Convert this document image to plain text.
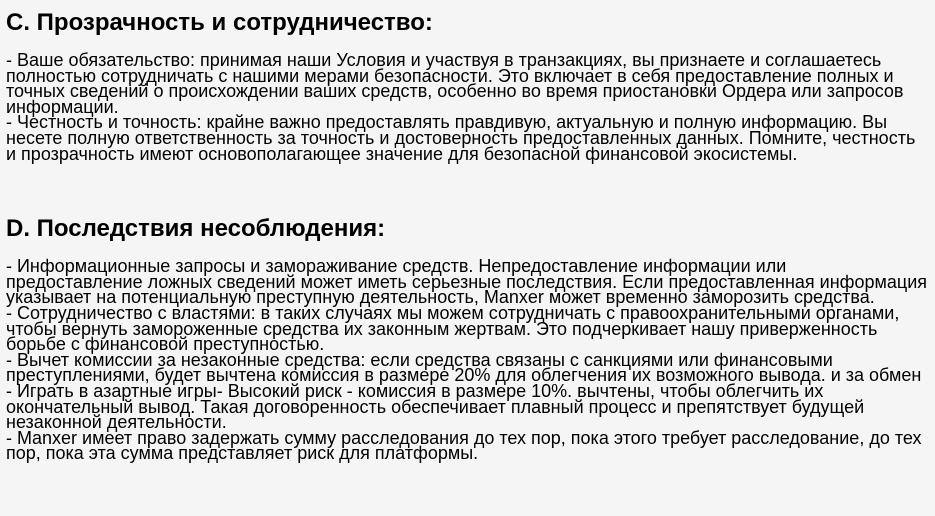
C. Прозрачность и сотрудничество:
- Ваше обязательство: принимая наши Условия и участвуя в транзакциях, вы признаете и соглашаетесь полностью сотрудничать с нашими мерами безопасности. Это включает в себя предоставление полных и точных сведений о происхождении ваших средств, особенно во время приостановки Ордера или запросов информации.
- Честность и точность: крайне важно предоставлять правдивую, актуальную и полную информацию. Вы несете полную ответственность за точность и достоверность предоставленных данных. Помните, честность и прозрачность имеют основополагающее значение для безопасной финансовой экосистемы.
D. Последствия несоблюдения:
- Информационные запросы и замораживание средств. Непредоставление информации или предоставление ложных сведений может иметь серьезные последствия. Если предоставленная информация указывает на потенциальную преступную деятельность, Manxer может временно заморозить средства.
- Сотрудничество с властями: в таких случаях мы можем сотрудничать с правоохранительными органами, чтобы вернуть замороженные средства их законным жертвам. Это подчеркивает нашу приверженность борьбе с финансовой преступностью.
- Вычет комиссии за незаконные средства: если средства связаны с санкциями или финансовыми преступлениями, будет вычтена комиссия в размере 20% для облегчения их возможного вывода. и за обмен - Играть в азартные игры- Высокий риск - комиссия в размере 10%. вычтены, чтобы облегчить их окончательный вывод. Такая договоренность обеспечивает плавный процесс и препятствует будущей незаконной деятельности.
- Manxer имеет право задержать сумму расследования до тех пор, пока этого требует расследование, до тех пор, пока эта сумма представляет риск для платформы.
